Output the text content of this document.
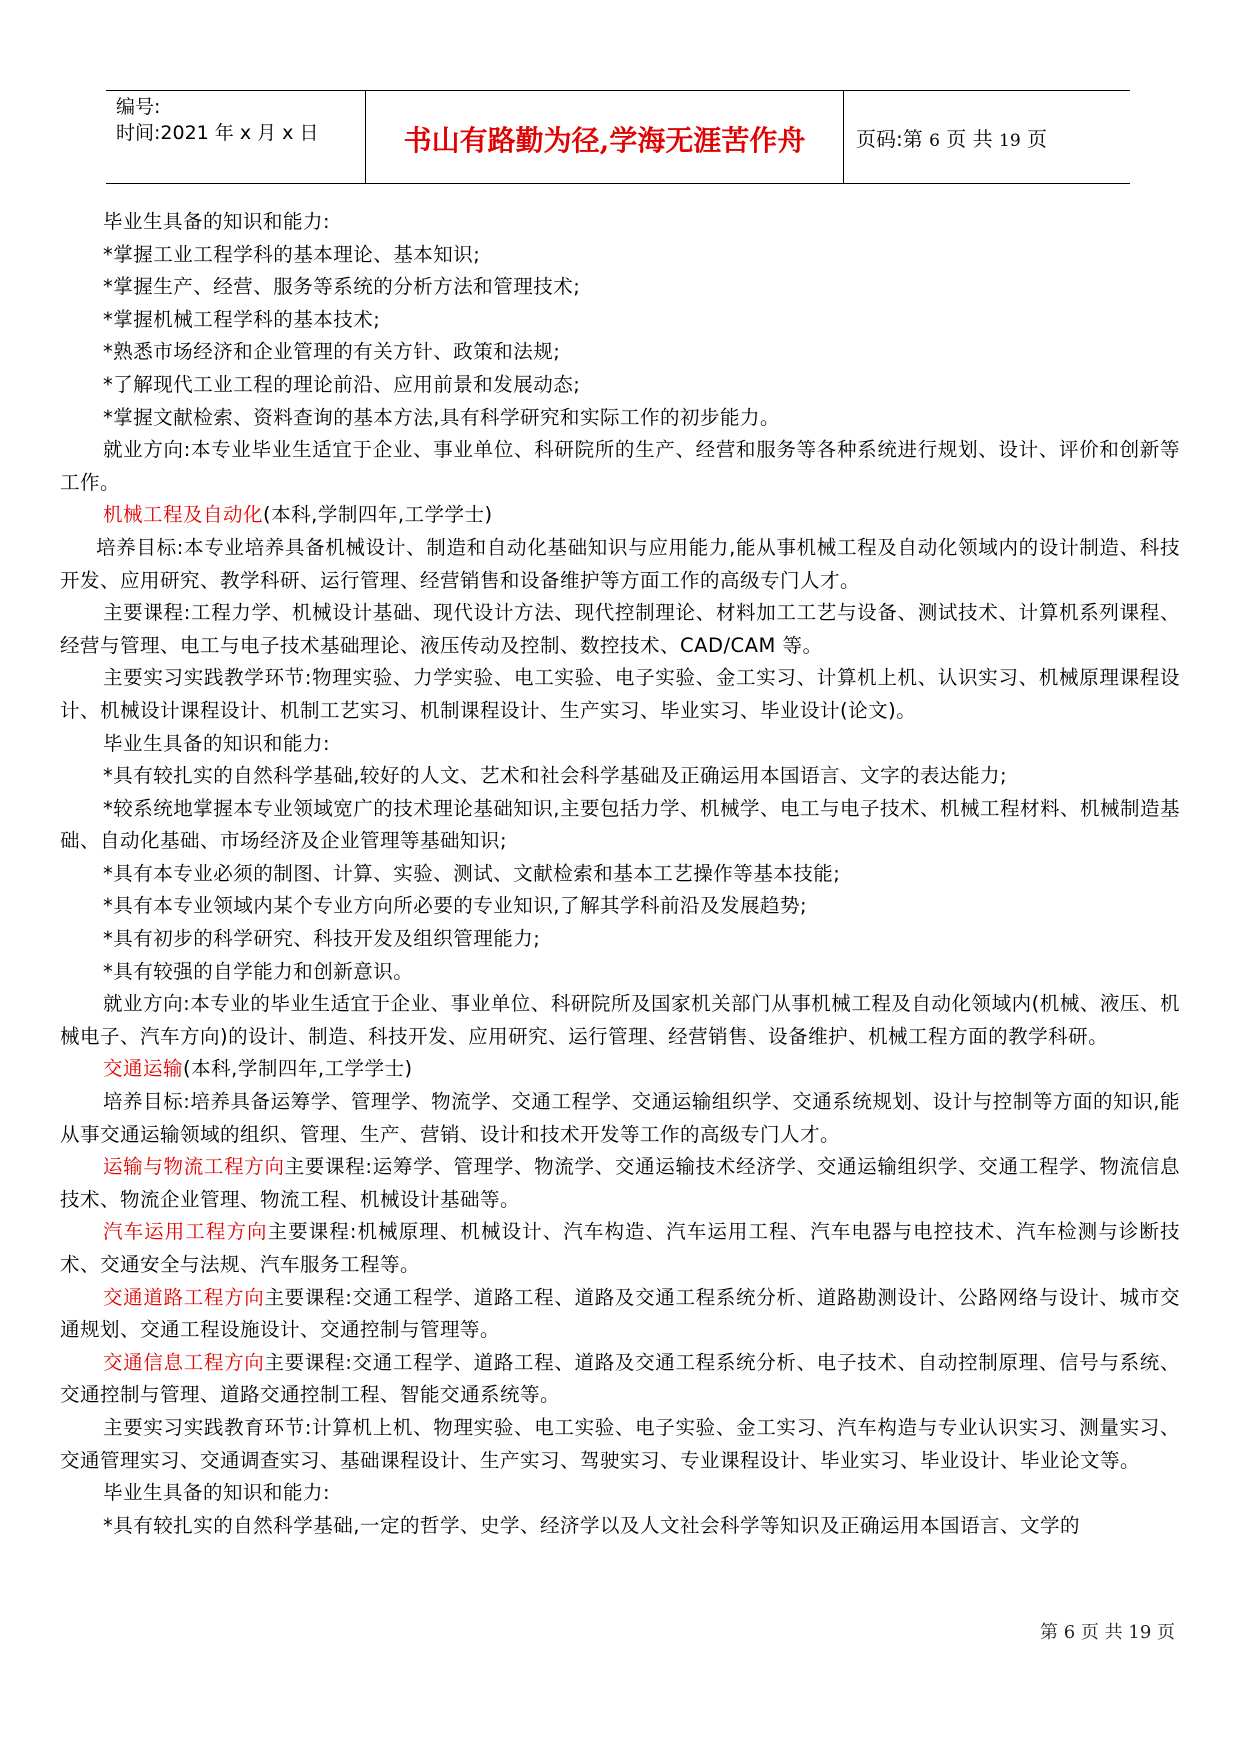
编号:
时间:2021 年 x 月 x 日	书山有路勤为径,学海无涯苦作舟	页码:第 6 页 共 19 页

毕业生具备的知识和能力:

*掌握工业工程学科的基本理论、基本知识;

*掌握生产、经营、服务等系统的分析方法和管理技术;

*掌握机械工程学科的基本技术;

*熟悉市场经济和企业管理的有关方针、政策和法规;

*了解现代工业工程的理论前沿、应用前景和发展动态;

*掌握文献检索、资料查询的基本方法,具有科学研究和实际工作的初步能力。

就业方向:本专业毕业生适宜于企业、事业单位、科研院所的生产、经营和服务等各种系统进行规划、设计、评价和创新等工作。

机械工程及自动化(本科,学制四年,工学学士)

培养目标:本专业培养具备机械设计、制造和自动化基础知识与应用能力,能从事机械工程及自动化领域内的设计制造、科技开发、应用研究、教学科研、运行管理、经营销售和设备维护等方面工作的高级专门人才。

主要课程:工程力学、机械设计基础、现代设计方法、现代控制理论、材料加工工艺与设备、测试技术、计算机系列课程、经营与管理、电工与电子技术基础理论、液压传动及控制、数控技术、CAD/CAM 等。

主要实习实践教学环节:物理实验、力学实验、电工实验、电子实验、金工实习、计算机上机、认识实习、机械原理课程设计、机械设计课程设计、机制工艺实习、机制课程设计、生产实习、毕业实习、毕业设计(论文)。

毕业生具备的知识和能力:

*具有较扎实的自然科学基础,较好的人文、艺术和社会科学基础及正确运用本国语言、文字的表达能力;

*较系统地掌握本专业领域宽广的技术理论基础知识,主要包括力学、机械学、电工与电子技术、机械工程材料、机械制造基础、自动化基础、市场经济及企业管理等基础知识;

*具有本专业必须的制图、计算、实验、测试、文献检索和基本工艺操作等基本技能;

*具有本专业领域内某个专业方向所必要的专业知识,了解其学科前沿及发展趋势;

*具有初步的科学研究、科技开发及组织管理能力;

*具有较强的自学能力和创新意识。

就业方向:本专业的毕业生适宜于企业、事业单位、科研院所及国家机关部门从事机械工程及自动化领域内(机械、液压、机械电子、汽车方向)的设计、制造、科技开发、应用研究、运行管理、经营销售、设备维护、机械工程方面的教学科研。

交通运输(本科,学制四年,工学学士)

培养目标:培养具备运筹学、管理学、物流学、交通工程学、交通运输组织学、交通系统规划、设计与控制等方面的知识,能从事交通运输领域的组织、管理、生产、营销、设计和技术开发等工作的高级专门人才。

运输与物流工程方向主要课程:运筹学、管理学、物流学、交通运输技术经济学、交通运输组织学、交通工程学、物流信息技术、物流企业管理、物流工程、机械设计基础等。

汽车运用工程方向主要课程:机械原理、机械设计、汽车构造、汽车运用工程、汽车电器与电控技术、汽车检测与诊断技术、交通安全与法规、汽车服务工程等。

交通道路工程方向主要课程:交通工程学、道路工程、道路及交通工程系统分析、道路勘测设计、公路网络与设计、城市交通规划、交通工程设施设计、交通控制与管理等。

交通信息工程方向主要课程:交通工程学、道路工程、道路及交通工程系统分析、电子技术、自动控制原理、信号与系统、交通控制与管理、道路交通控制工程、智能交通系统等。

主要实习实践教育环节:计算机上机、物理实验、电工实验、电子实验、金工实习、汽车构造与专业认识实习、测量实习、交通管理实习、交通调查实习、基础课程设计、生产实习、驾驶实习、专业课程设计、毕业实习、毕业设计、毕业论文等。

毕业生具备的知识和能力:

*具有较扎实的自然科学基础,一定的哲学、史学、经济学以及人文社会科学等知识及正确运用本国语言、文学的

第 6 页 共 19 页
